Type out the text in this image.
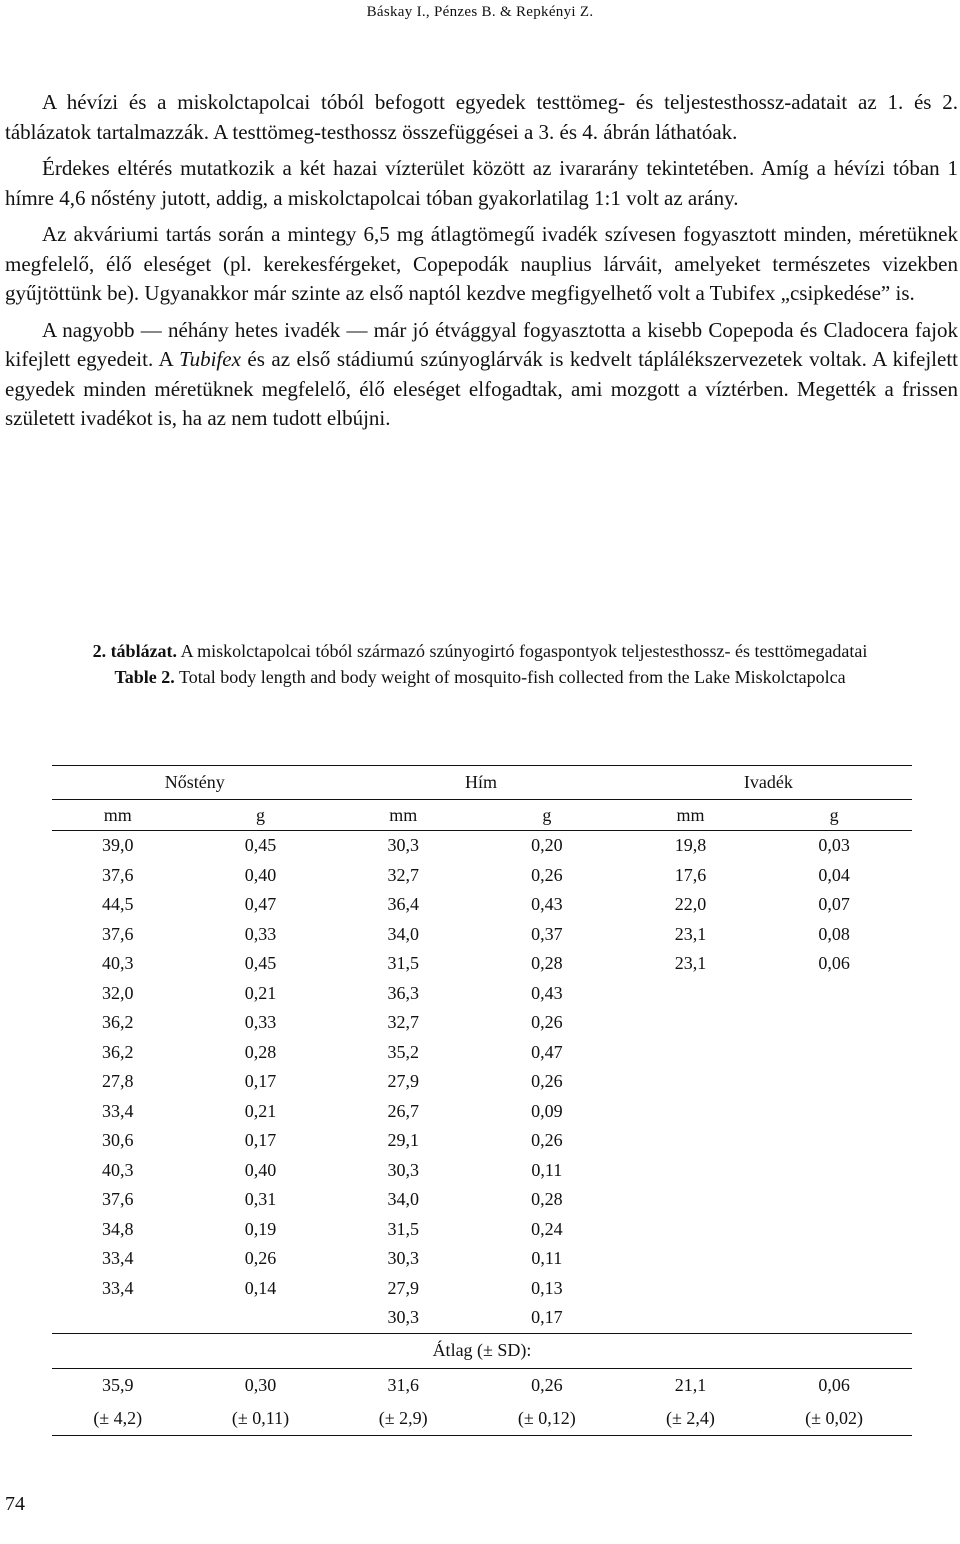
Báskay I., Pénzes B. & Repkényi Z.

A hévízi és a miskolctapolcai tóból befogott egyedek testtömeg- és teljestesthossz-adatait az 1. és 2. táblázatok tartalmazzák. A testtömeg-testhossz összefüggései a 3. és 4. ábrán láthatóak.

Érdekes eltérés mutatkozik a két hazai vízterület között az ivararány tekintetében. Amíg a hévízi tóban 1 hímre 4,6 nőstény jutott, addig, a miskolctapolcai tóban gyakorlatilag 1:1 volt az arány.

Az akváriumi tartás során a mintegy 6,5 mg átlagtömegű ivadék szívesen fogyasztott minden, méretüknek megfelelő, élő eleséget (pl. kerekesférgeket, Copepodák nauplius lárváit, amelyeket természetes vizekben gyűjtöttünk be). Ugyanakkor már szinte az első naptól kezdve megfigyelhető volt a Tubifex „csipkedése” is.

A nagyobb — néhány hetes ivadék — már jó étvággyal fogyasztotta a kisebb Copepoda és Cladocera fajok kifejlett egyedeit. A Tubifex és az első stádiumú szúnyoglárvák is kedvelt táplálékszervezetek voltak. A kifejlett egyedek minden méretüknek megfelelő, élő eleséget elfogadtak, ami mozgott a víztérben. Megették a frissen született ivadékot is, ha az nem tudott elbújni.

2. táblázat. A miskolctapolcai tóból származó szúnyogirtó fogaspontyok teljestesthossz- és testtömegadatai

Table 2. Total body length and body weight of mosquito-fish collected from the Lake Miskolctapolca

Nőstény		Hím		Ivadék	
mm	g	mm	g	mm	g
39,0	0,45	30,3	0,20	19,8	0,03
37,6	0,40	32,7	0,26	17,6	0,04
44,5	0,47	36,4	0,43	22,0	0,07
37,6	0,33	34,0	0,37	23,1	0,08
40,3	0,45	31,5	0,28	23,1	0,06
32,0	0,21	36,3	0,43		
36,2	0,33	32,7	0,26		
36,2	0,28	35,2	0,47		
27,8	0,17	27,9	0,26		
33,4	0,21	26,7	0,09		
30,6	0,17	29,1	0,26		
40,3	0,40	30,3	0,11		
37,6	0,31	34,0	0,28		
34,8	0,19	31,5	0,24		
33,4	0,26	30,3	0,11		
33,4	0,14	27,9	0,13		
		30,3	0,17		
Átlag (± SD):					
35,9	0,30	31,6	0,26	21,1	0,06
(± 4,2)	(± 0,11)	(± 2,9)	(± 0,12)	(± 2,4)	(± 0,02)
74
